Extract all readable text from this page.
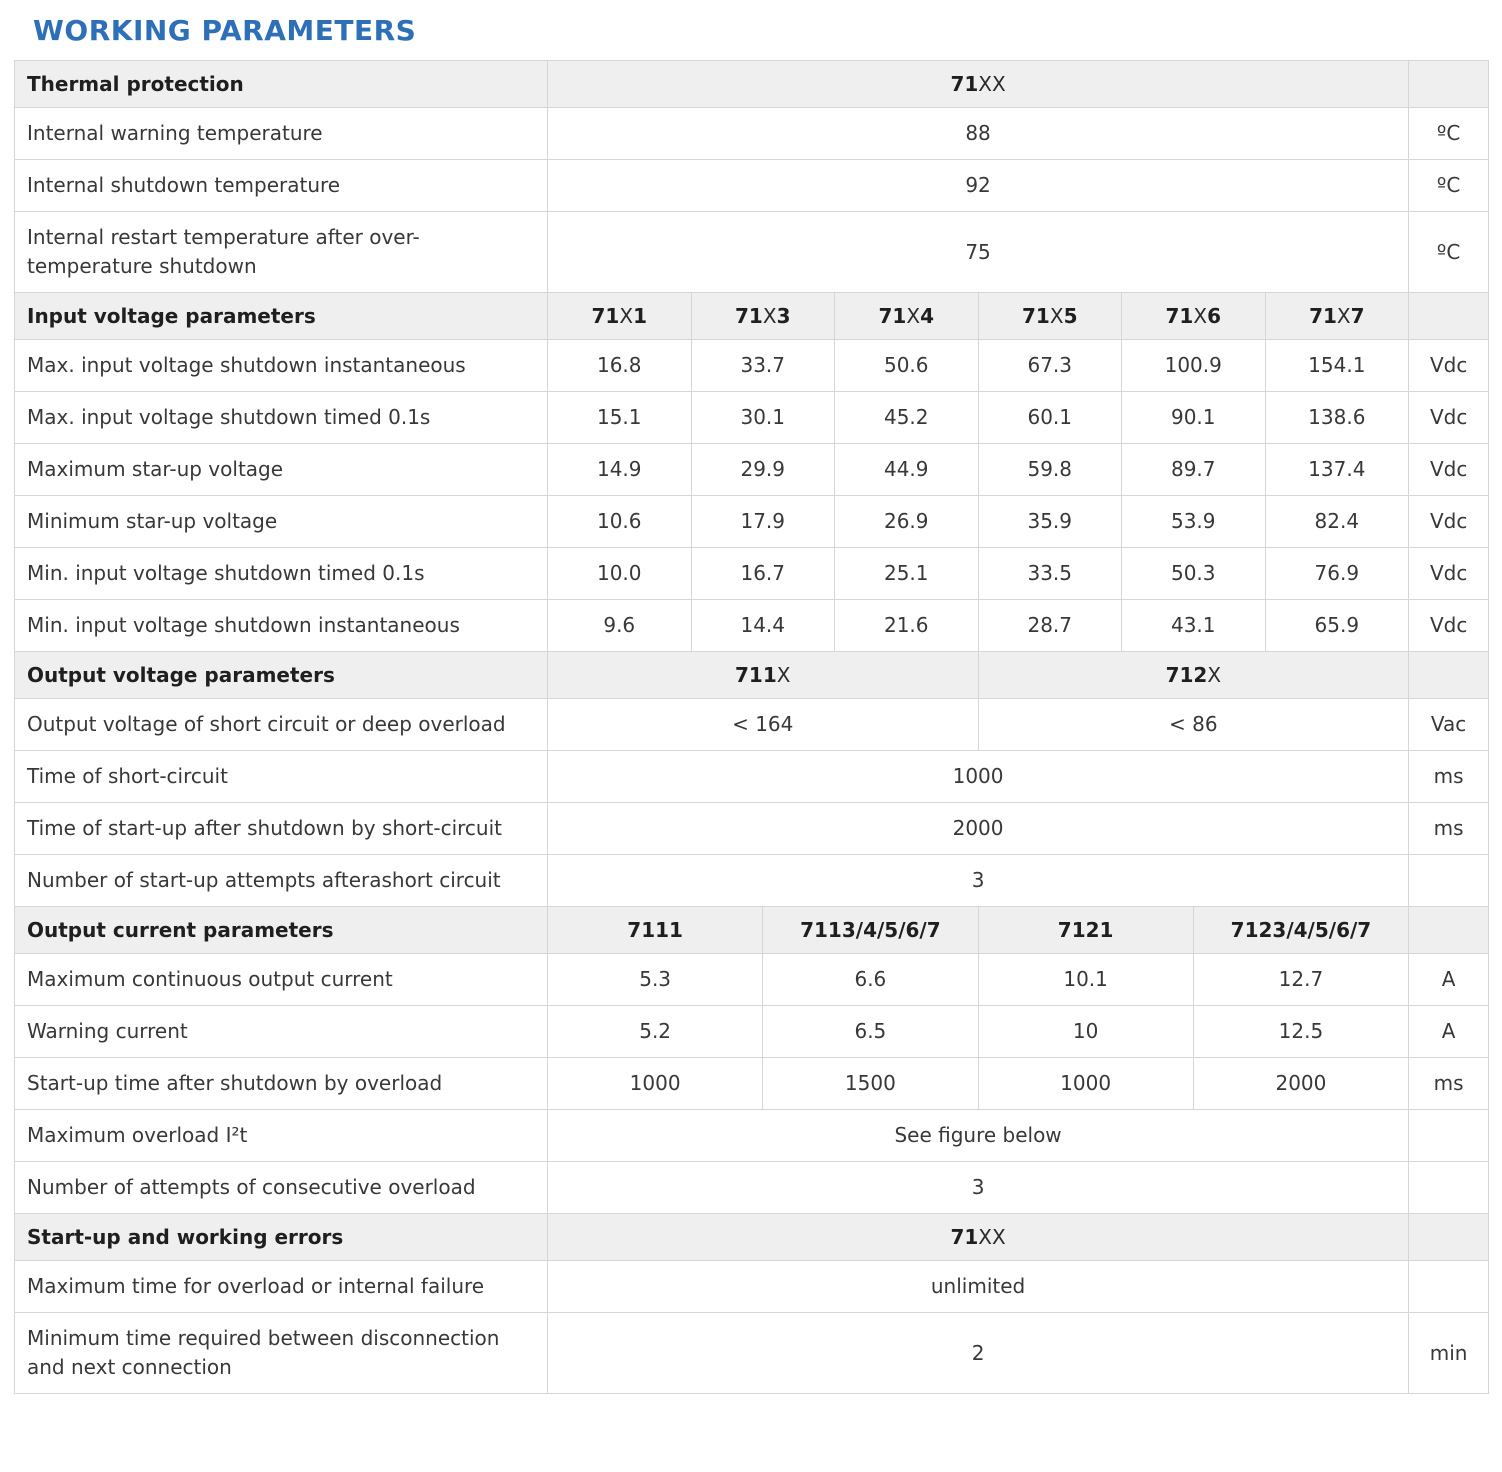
WORKING PARAMETERS
Thermal protection	71XX								
Internal warning temperature	88								ºC
Internal shutdown temperature	92								ºC
Internal restart temperature after over-temperature shutdown	75								ºC
Input voltage parameters	71X1	71X3		71X4	71X5	71X6		71X7	
Max. input voltage shutdown instantaneous	16.8	33.7		50.6	67.3	100.9		154.1	Vdc
Max. input voltage shutdown timed 0.1s	15.1	30.1		45.2	60.1	90.1		138.6	Vdc
Maximum star-up voltage	14.9	29.9		44.9	59.8	89.7		137.4	Vdc
Minimum star-up voltage	10.6	17.9		26.9	35.9	53.9		82.4	Vdc
Min. input voltage shutdown timed 0.1s	10.0	16.7		25.1	33.5	50.3		76.9	Vdc
Min. input voltage shutdown instantaneous	9.6	14.4		21.6	28.7	43.1		65.9	Vdc
Output voltage parameters	711X				712X				
Output voltage of short circuit or deep overload	< 164				< 86				Vac
Time of short-circuit	1000								ms
Time of start-up after shutdown by short-circuit	2000								ms
Number of start-up attempts afterashort circuit	3								
Output current parameters	7111		7113/4/5/6/7		7121		7123/4/5/6/7		
Maximum continuous output current	5.3		6.6		10.1		12.7		A
Warning current	5.2		6.5		10		12.5		A
Start-up time after shutdown by overload	1000		1500		1000		2000		ms
Maximum overload I²t	See figure below								
Number of attempts of consecutive overload	3								
Start-up and working errors	71XX								
Maximum time for overload or internal failure	unlimited								
Minimum time required between disconnection and next connection	2								min
